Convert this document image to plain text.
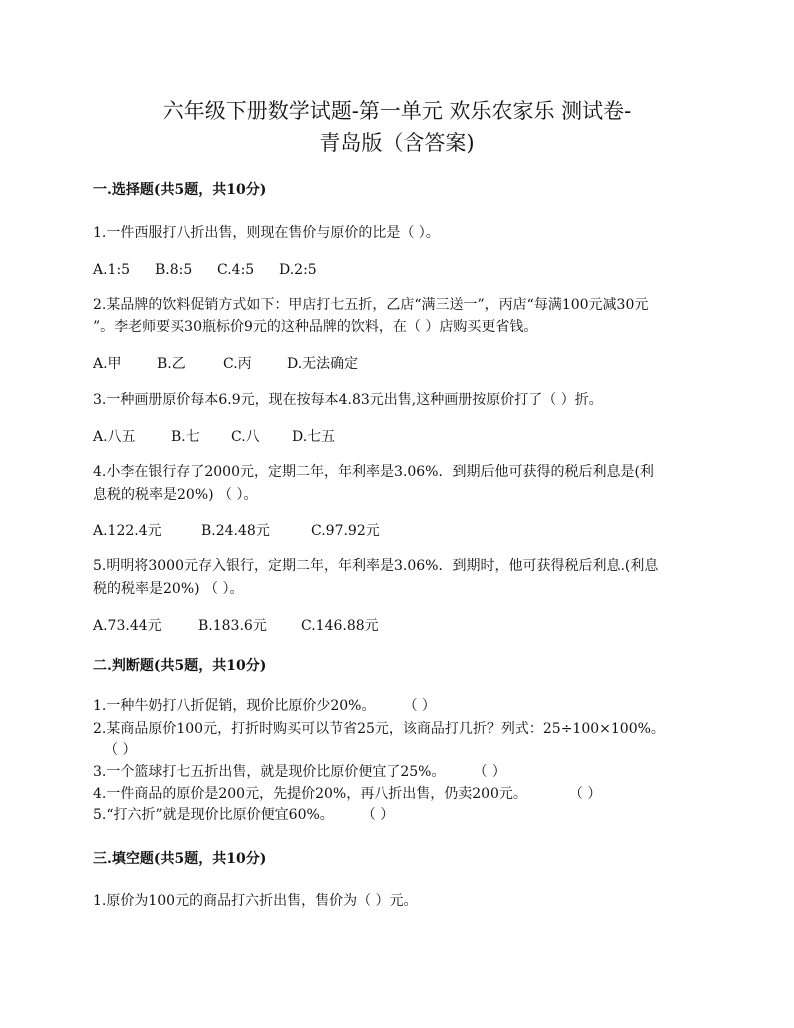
六年级下册数学试题-第一单元 欢乐农家乐 测试卷-
青岛版（含答案)
一.选择题(共5题，共10分)
1.一件西服打八折出售，则现在售价与原价的比是（ ）。
A.1:5 B.8:5 C.4:5 D.2:5
2.某品牌的饮料促销方式如下：甲店打七五折，乙店“满三送一”，丙店“每满100元减30元
”。李老师要买30瓶标价9元的这种品牌的饮料，在（ ）店购买更省钱。
A.甲	B.乙	C.丙	D.无法确定
3.一种画册原价每本6.9元，现在按每本4.83元出售,这种画册按原价打了（ ）折。
A.八五	B.七 C.八 D.七五
4.小李在银行存了2000元，定期二年，年利率是3.06%．到期后他可获得的税后利息是(利
息税的税率是20%) （ ）。
A.122.4元	B.24.48元	C.97.92元
5.明明将3000元存入银行，定期二年，年利率是3.06%．到期时，他可获得税后利息.(利息
税的税率是20%) （ ）。
A.73.44元	B.183.6元 C.146.88元
二.判断题(共5题，共10分)
1.一种牛奶打八折促销，现价比原价少20%。 （ ）
2.某商品原价100元，打折时购买可以节省25元，该商品打几折？列式：25÷100×100%。
（ ）
3.一个篮球打七五折出售，就是现价比原价便宜了25%。 （ ）
4.一件商品的原价是200元，先提价20%，再八折出售，仍卖200元。	（ ）
5.“打六折”就是现价比原价便宜60%。 （ ）
三.填空题(共5题，共10分)
1.原价为100元的商品打六折出售，售价为（ ）元。
